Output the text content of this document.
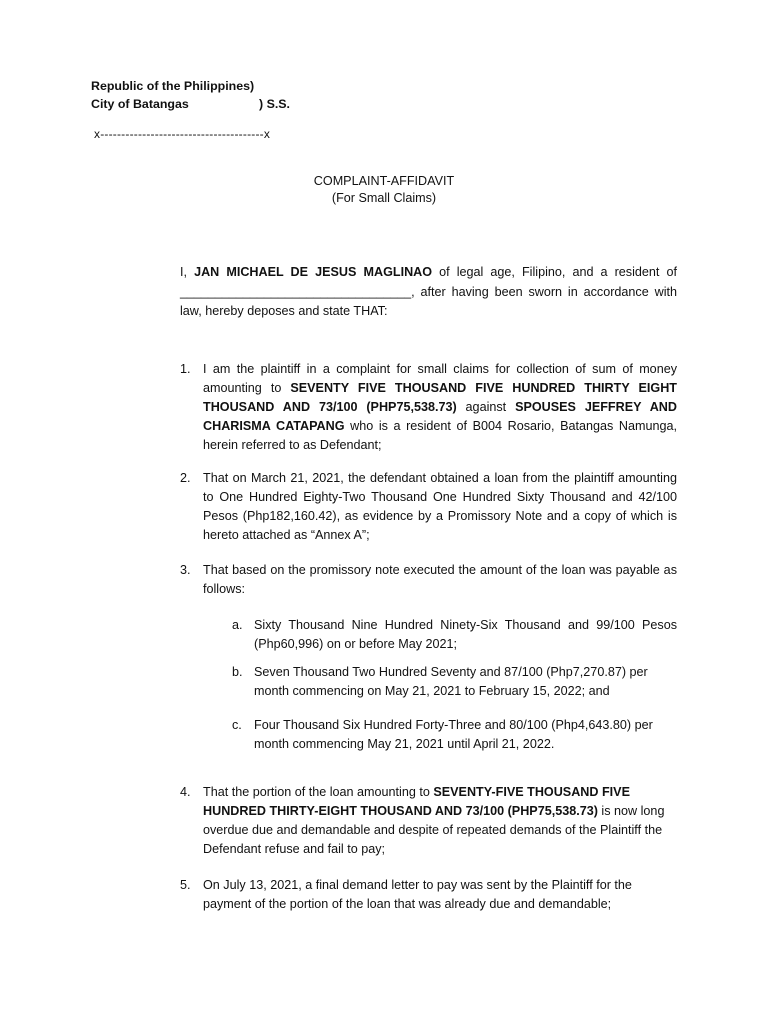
Republic of the Philippines)
City of Batangas	) S.S.
x---------------------------------------x
COMPLAINT-AFFIDAVIT
(For Small Claims)
I, JAN MICHAEL DE JESUS MAGLINAO of legal age, Filipino, and a resident of _________________________________, after having been sworn in accordance with law, hereby deposes and state THAT:
1. I am the plaintiff in a complaint for small claims for collection of sum of money amounting to SEVENTY FIVE THOUSAND FIVE HUNDRED THIRTY EIGHT THOUSAND AND 73/100 (PHP75,538.73) against SPOUSES JEFFREY AND CHARISMA CATAPANG who is a resident of B004 Rosario, Batangas Namunga, herein referred to as Defendant;
2. That on March 21, 2021, the defendant obtained a loan from the plaintiff amounting to One Hundred Eighty-Two Thousand One Hundred Sixty Thousand and 42/100 Pesos (Php182,160.42), as evidence by a Promissory Note and a copy of which is hereto attached as “Annex A”;
3. That based on the promissory note executed the amount of the loan was payable as follows:
a. Sixty Thousand Nine Hundred Ninety-Six Thousand and 99/100 Pesos (Php60,996) on or before May 2021;
b. Seven Thousand Two Hundred Seventy and 87/100 (Php7,270.87) per month commencing on May 21, 2021 to February 15, 2022; and
c. Four Thousand Six Hundred Forty-Three and 80/100 (Php4,643.80) per month commencing May 21, 2021 until April 21, 2022.
4. That the portion of the loan amounting to SEVENTY-FIVE THOUSAND FIVE HUNDRED THIRTY-EIGHT THOUSAND AND 73/100 (PHP75,538.73) is now long overdue due and demandable and despite of repeated demands of the Plaintiff the Defendant refuse and fail to pay;
5. On July 13, 2021, a final demand letter to pay was sent by the Plaintiff for the payment of the portion of the loan that was already due and demandable;
